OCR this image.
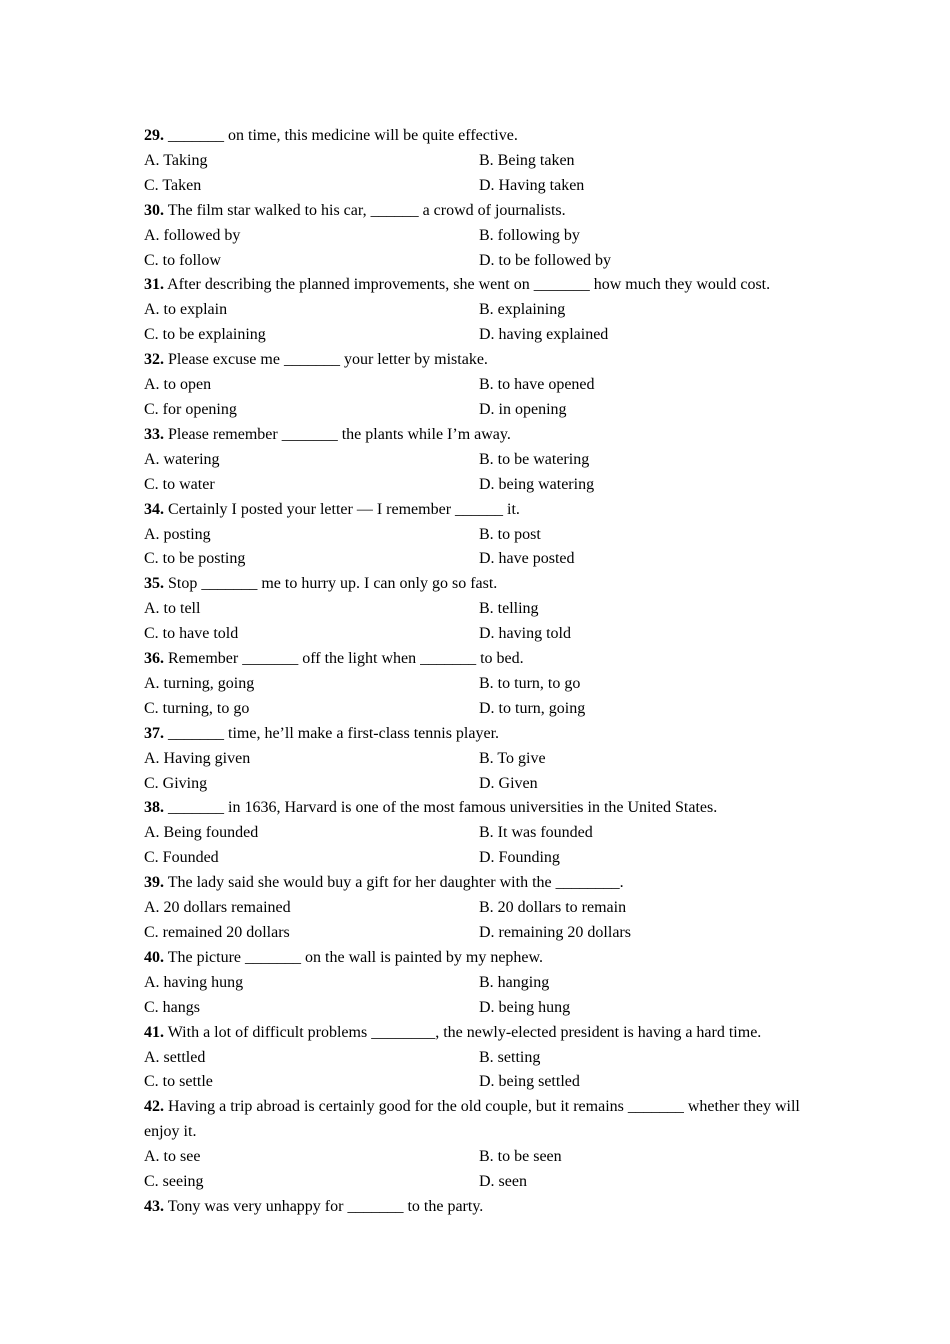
29. _______ on time, this medicine will be quite effective.

A. Taking	B. Being taken
C. Taken	D. Having taken

30. The film star walked to his car, ______ a crowd of journalists.

A. followed by	B. following by
C. to follow	D. to be followed by

31. After describing the planned improvements, she went on _______ how much they would cost.

A. to explain	B. explaining
C. to be explaining	D. having explained

32. Please excuse me _______ your letter by mistake.

A. to open	B. to have opened
C. for opening	D. in opening

33. Please remember _______ the plants while I’m away.

A. watering	B. to be watering
C. to water	D. being watering

34. Certainly I posted your letter — I remember ______ it.

A. posting	B. to post
C. to be posting	D. have posted

35. Stop _______ me to hurry up. I can only go so fast.

A. to tell	B. telling
C. to have told	D. having told

36. Remember _______ off the light when _______ to bed.

A. turning, going	B. to turn, to go
C. turning, to go	D. to turn, going

37. _______ time, he’ll make a first-class tennis player.

A. Having given	B. To give
C. Giving	D. Given

38. _______ in 1636, Harvard is one of the most famous universities in the United States.

A. Being founded	B. It was founded
C. Founded	D. Founding

39. The lady said she would buy a gift for her daughter with the ________.

A. 20 dollars remained	B. 20 dollars to remain
C. remained 20 dollars	D. remaining 20 dollars

40. The picture _______ on the wall is painted by my nephew.

A. having hung	B. hanging
C. hangs	D. being hung

41. With a lot of difficult problems ________, the newly-elected president is having a hard time.

A. settled	B. setting
C. to settle	D. being settled

42. Having a trip abroad is certainly good for the old couple, but it remains _______ whether they will enjoy it.

A. to see	B. to be seen
C. seeing	D. seen

43. Tony was very unhappy for _______ to the party.
